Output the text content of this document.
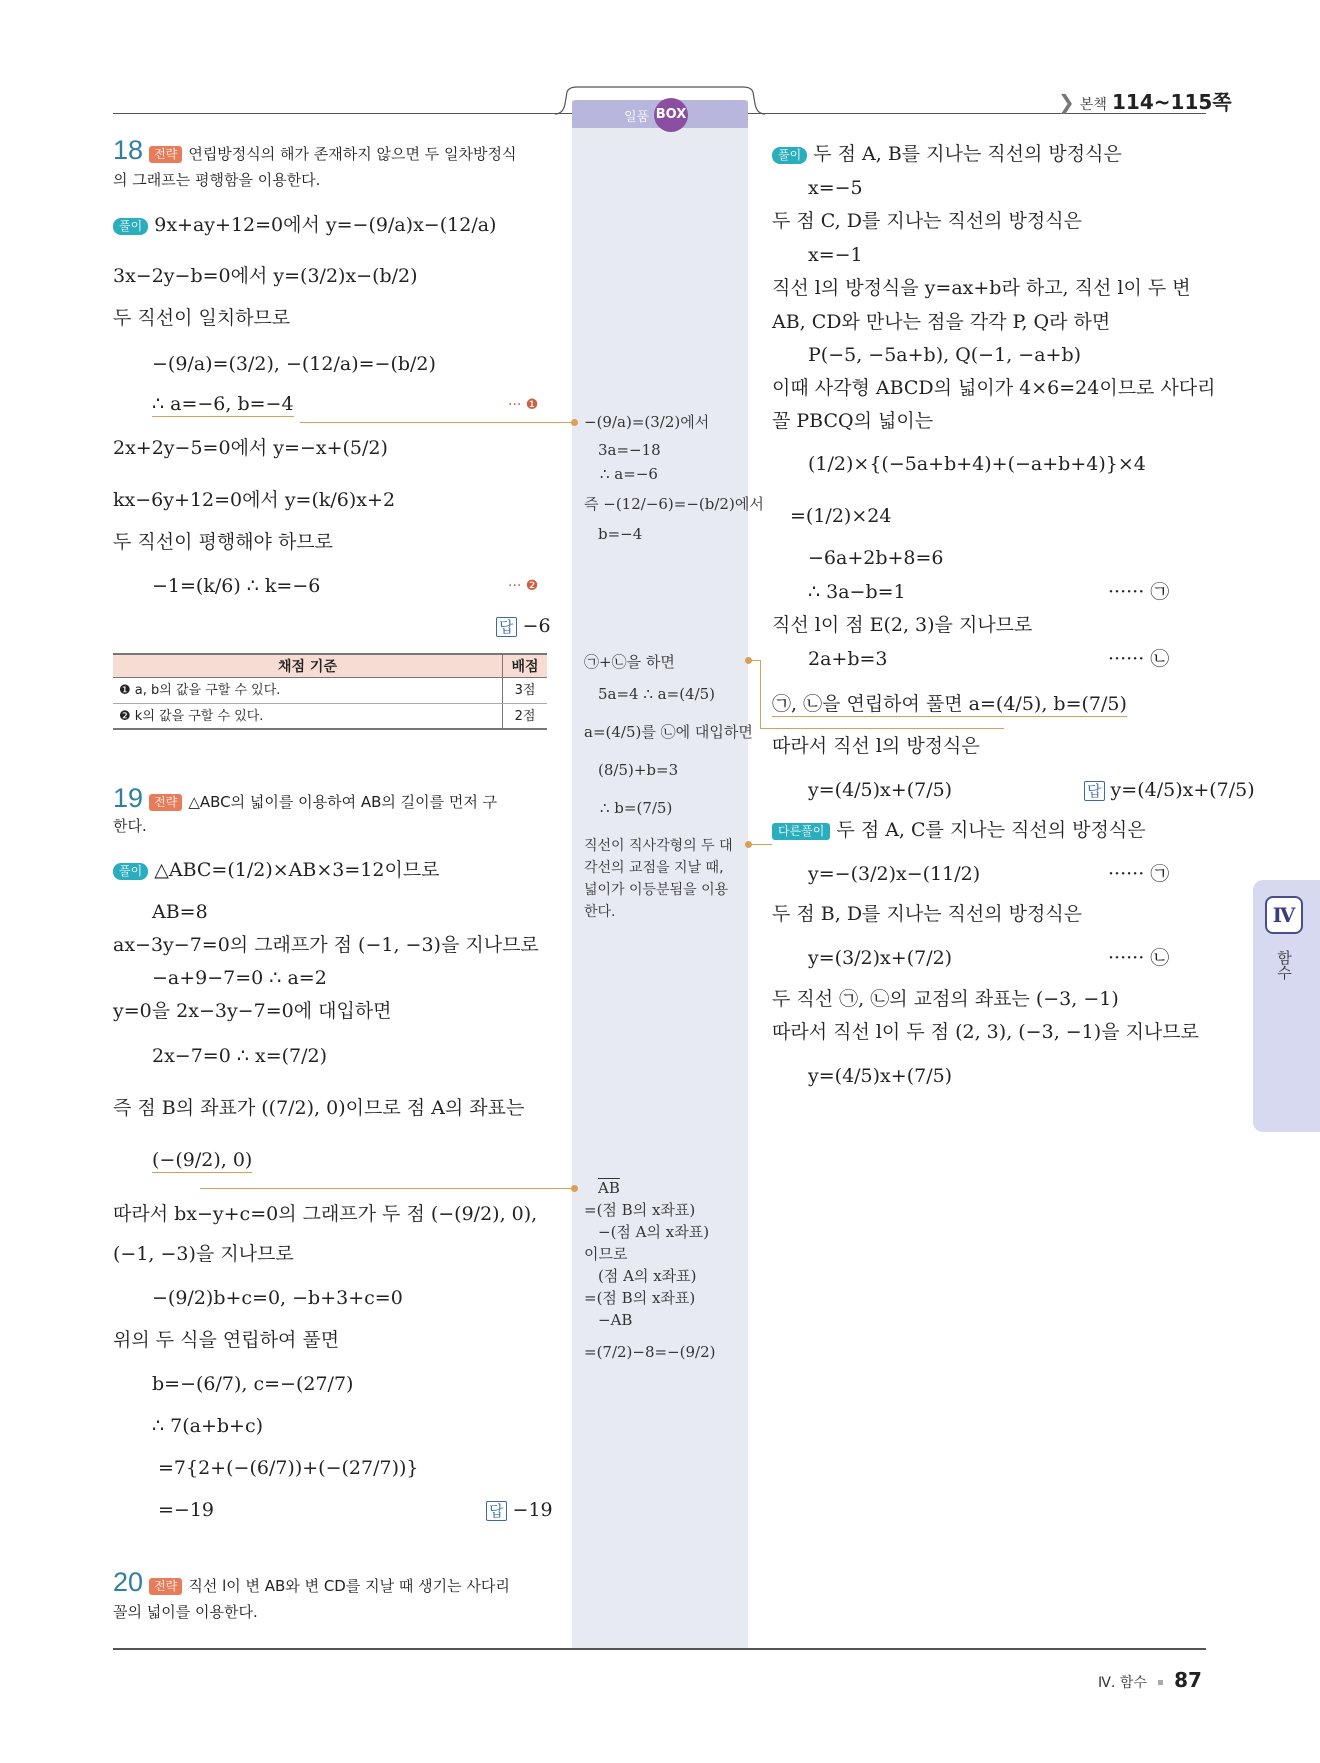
일품 BOX
❯ 본책 114~115쪽
18 전략 연립방정식의 해가 존재하지 않으면 두 일차방정식
의 그래프는 평행함을 이용한다.
풀이 9x+ay+12=0에서 y=−(9/a)x−(12/a)
3x−2y−b=0에서 y=(3/2)x−(b/2)
두 직선이 일치하므로
−(9/a)=(3/2), −(12/a)=−(b/2)
∴ a=−6, b=−4	··· ❶
2x+2y−5=0에서 y=−x+(5/2)
kx−6y+12=0에서 y=(k/6)x+2
두 직선이 평행해야 하므로
−1=(k/6) ∴ k=−6	··· ❷
답 −6
채점 기준	배점
❶ a, b의 값을 구할 수 있다.	3점
❷ k의 값을 구할 수 있다.	2점
19 전략 △ABC의 넓이를 이용하여 AB의 길이를 먼저 구
한다.
풀이 △ABC=(1/2)×AB×3=12이므로
AB=8
ax−3y−7=0의 그래프가 점 (−1, −3)을 지나므로
−a+9−7=0 ∴ a=2
y=0을 2x−3y−7=0에 대입하면
2x−7=0 ∴ x=(7/2)
즉 점 B의 좌표가 ((7/2), 0)이므로 점 A의 좌표는
(−(9/2), 0)
따라서 bx−y+c=0의 그래프가 두 점 (−(9/2), 0),
(−1, −3)을 지나므로
−(9/2)b+c=0, −b+3+c=0
위의 두 식을 연립하여 풀면
b=−(6/7), c=−(27/7)
∴ 7(a+b+c)
=7{2+(−(6/7))+(−(27/7))}
=−19	답 −19
20 전략 직선 l이 변 AB와 변 CD를 지날 때 생기는 사다리
꼴의 넓이를 이용한다.
−(9/a)=(3/2)에서
3a=−18
∴ a=−6
즉 −(12/−6)=−(b/2)에서
b=−4
㉠+㉡을 하면
5a=4 ∴ a=(4/5)
a=(4/5)를 ㉡에 대입하면
(8/5)+b=3
∴ b=(7/5)
직선이 직사각형의 두 대
각선의 교점을 지날 때,
넓이가 이등분됨을 이용
한다.
$\overline{AB}$
=(점 B의 x좌표)
−(점 A의 x좌표)
이므로
(점 A의 x좌표)
=(점 B의 x좌표)
−AB
=(7/2)−8=−(9/2)
풀이 두 점 A, B를 지나는 직선의 방정식은
x=−5
두 점 C, D를 지나는 직선의 방정식은
x=−1
직선 l의 방정식을 y=ax+b라 하고, 직선 l이 두 변
AB, CD와 만나는 점을 각각 P, Q라 하면
P(−5, −5a+b), Q(−1, −a+b)
이때 사각형 ABCD의 넓이가 4×6=24이므로 사다리
꼴 PBCQ의 넓이는
(1/2)×{(−5a+b+4)+(−a+b+4)}×4
=(1/2)×24
−6a+2b+8=6
∴ 3a−b=1	······ ㉠
직선 l이 점 E(2, 3)을 지나므로
2a+b=3	······ ㉡
㉠, ㉡을 연립하여 풀면 a=(4/5), b=(7/5)
따라서 직선 l의 방정식은
y=(4/5)x+(7/5)	답 y=(4/5)x+(7/5)
다른풀이 두 점 A, C를 지나는 직선의 방정식은
y=−(3/2)x−(11/2)	······ ㉠
두 점 B, D를 지나는 직선의 방정식은
y=(3/2)x+(7/2)	······ ㉡
두 직선 ㉠, ㉡의 교점의 좌표는 (−3, −1)
따라서 직선 l이 두 점 (2, 3), (−3, −1)을 지나므로
y=(4/5)x+(7/5)
Ⅳ
함수
Ⅳ. 함수 87
